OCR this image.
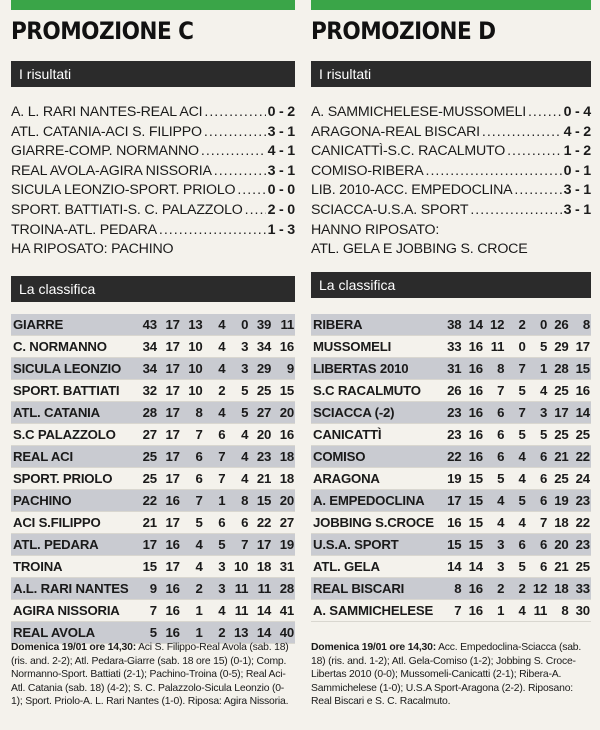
PROMOZIONE C
I risultati
A. L. RARI NANTES-REAL ACI .....	0 - 2
ATL. CATANIA-ACI S. FILIPPO .....	3 - 1
GIARRE-COMP. NORMANNO .....	4 - 1
REAL AVOLA-AGIRA NISSORIA .....	3 - 1
SICULA LEONZIO-SPORT. PRIOLO ..... 0 - 0
SPORT. BATTIATI-S. C. PALAZZOLO ..... 2 - 0
TROINA-ATL. PEDARA .....	1 - 3
HA RIPOSATO: PACHINO
La classifica
GIARRE	43 17 13	4	0 39 11
C. NORMANNO	34 17 10	4	3 34 16
SICULA LEONZIO	34 17 10	4	3 29	9
SPORT. BATTIATI	32 17 10	2	5 25 15
ATL. CATANIA	28 17	8	4	5 27 20
S.C PALAZZOLO	27 17	7	6	4 20 16
REAL ACI	25 17	6	7	4 23 18
SPORT. PRIOLO	25 17	6	7	4 21 18
PACHINO	22 16	7	1	8 15 20
ACI S.FILIPPO	21 17	5	6	6 22 27
ATL. PEDARA	17 16	4	5	7 17 19
TROINA	15 17	4	3 10 18 31
A.L. RARI NANTES	9 16	2	3 11 11 28
AGIRA NISSORIA	7 16	1	4 11 14 41
REAL AVOLA	5 16	1	2 13 14 40
Domenica 19/01 ore 14,30: Aci S. Filippo-Real Avola (sab. 18) (ris. and. 2-2); Atl. Pedara-Giarre (sab. 18 ore 15) (0-1); Comp. Normanno-Sport. Battiati (2-1); Pachino-Troina (0-5); Real Aci-Atl. Catania (sab. 18) (4-2); S. C. Palazzolo-Sicula Leonzio (0-1); Sport. Priolo-A. L. Rari Nantes (1-0). Riposa: Agira Nissoria.
PROMOZIONE D
I risultati
A. SAMMICHELESE-MUSSOMELI .....	0 - 4
ARAGONA-REAL BISCARI .....	4 - 2
CANICATTÌ-S.C. RACALMUTO .....	1 - 2
COMISO-RIBERA .....	0 - 1
LIB. 2010-ACC. EMPEDOCLINA .....	3 - 1
SCIACCA-U.S.A. SPORT .....	3 - 1
HANNO RIPOSATO:
ATL. GELA E JOBBING S. CROCE
La classifica
RIBERA	38 14 12	2	0 26	8
MUSSOMELI	33 16 11	0	5 29 17
LIBERTAS 2010	31 16	8	7	1 28 15
S.C RACALMUTO	26 16	7	5	4 25 16
SCIACCA (-2)	23 16	6	7	3 17 14
CANICATTÌ	23 16	6	5	5 25 25
COMISO	22 16	6	4	6 21 22
ARAGONA	19 15	5	4	6 25 24
A. EMPEDOCLINA	17 15	4	5	6 19 23
JOBBING S.CROCE	16 15	4	4	7 18 22
U.S.A. SPORT	15 15	3	6	6 20 23
ATL. GELA	14 14	3	5	6 21 25
REAL BISCARI	8 16	2	2 12 18 33
A. SAMMICHELESE	7 16	1	4 11	8 30
Domenica 19/01 ore 14,30: Acc. Empedoclina-Sciacca (sab. 18) (ris. and. 1-2); Atl. Gela-Comiso (1-2); Jobbing S. Croce-Libertas 2010 (0-0); Mussomeli-Canicatti (2-1); Ribera-A. Sammichelese (1-0); U.S.A Sport-Aragona (2-2). Riposano: Real Biscari e S. C. Racalmuto.
